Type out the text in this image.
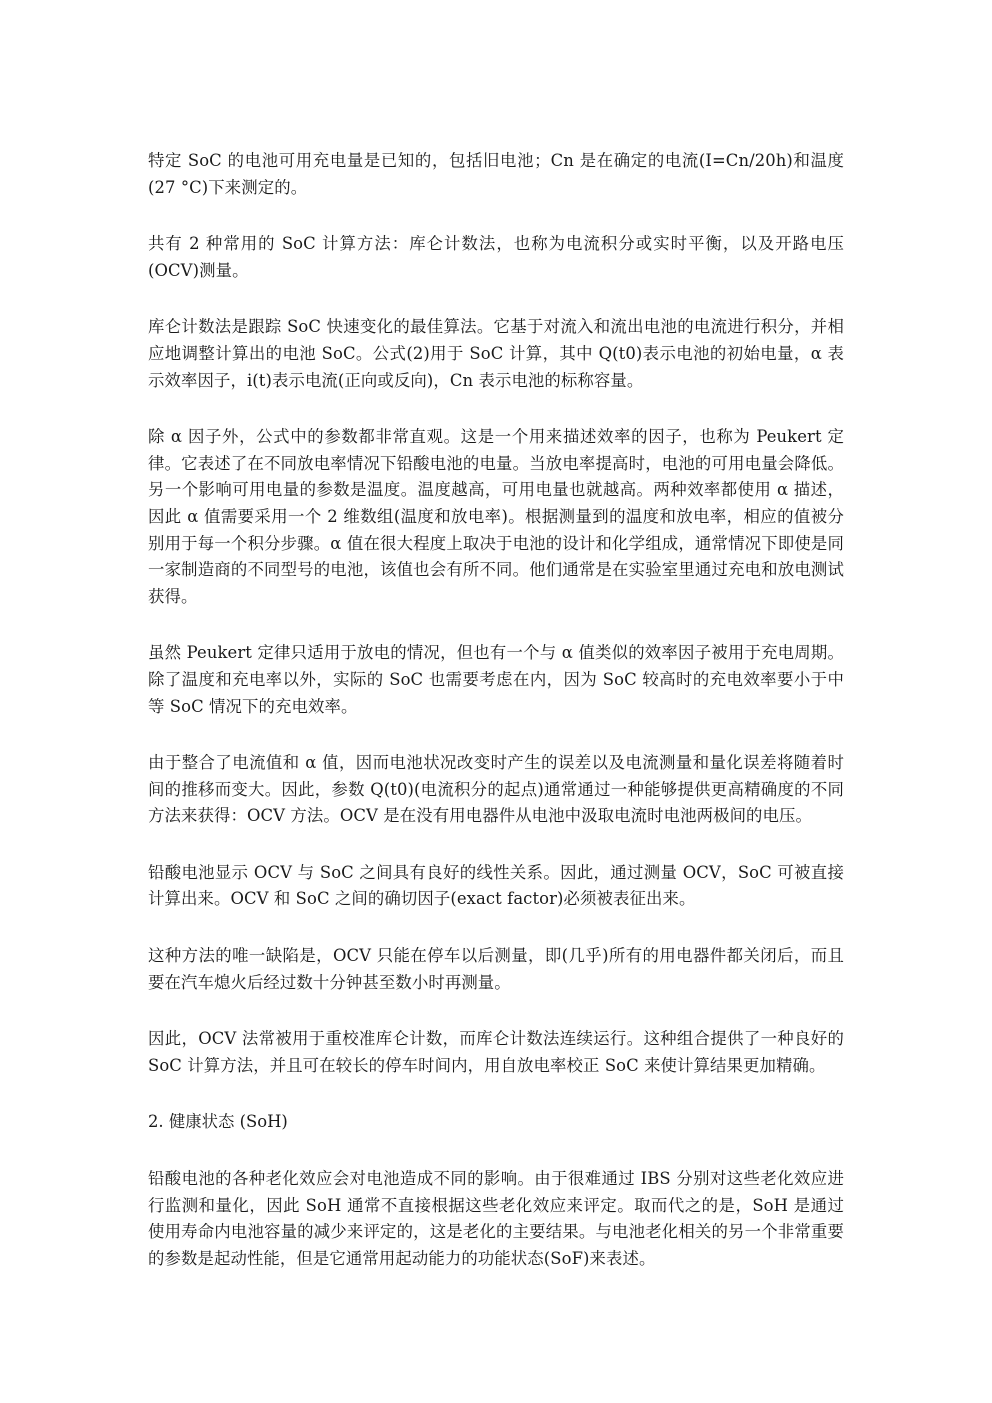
特定 SoC 的电池可用充电量是已知的，包括旧电池；Cn 是在确定的电流(I=Cn/20h)和温度(27 °C)下来测定的。

共有 2 种常用的 SoC 计算方法：库仑计数法，也称为电流积分或实时平衡，以及开路电压(OCV)测量。

库仑计数法是跟踪 SoC 快速变化的最佳算法。它基于对流入和流出电池的电流进行积分，并相应地调整计算出的电池 SoC。公式(2)用于 SoC 计算，其中 Q(t0)表示电池的初始电量，α 表示效率因子，i(t)表示电流(正向或反向)，Cn 表示电池的标称容量。

除 α 因子外，公式中的参数都非常直观。这是一个用来描述效率的因子，也称为 Peukert 定律。它表述了在不同放电率情况下铅酸电池的电量。当放电率提高时，电池的可用电量会降低。另一个影响可用电量的参数是温度。温度越高，可用电量也就越高。两种效率都使用 α 描述，因此 α 值需要采用一个 2 维数组(温度和放电率)。根据测量到的温度和放电率，相应的值被分别用于每一个积分步骤。α 值在很大程度上取决于电池的设计和化学组成，通常情况下即使是同一家制造商的不同型号的电池，该值也会有所不同。他们通常是在实验室里通过充电和放电测试获得。

虽然 Peukert 定律只适用于放电的情况，但也有一个与 α 值类似的效率因子被用于充电周期。除了温度和充电率以外，实际的 SoC 也需要考虑在内，因为 SoC 较高时的充电效率要小于中等 SoC 情况下的充电效率。

由于整合了电流值和 α 值，因而电池状况改变时产生的误差以及电流测量和量化误差将随着时间的推移而变大。因此，参数 Q(t0)(电流积分的起点)通常通过一种能够提供更高精确度的不同方法来获得：OCV 方法。OCV 是在没有用电器件从电池中汲取电流时电池两极间的电压。

铅酸电池显示 OCV 与 SoC 之间具有良好的线性关系。因此，通过测量 OCV，SoC 可被直接计算出来。OCV 和 SoC 之间的确切因子(exact factor)必须被表征出来。

这种方法的唯一缺陷是，OCV 只能在停车以后测量，即(几乎)所有的用电器件都关闭后，而且要在汽车熄火后经过数十分钟甚至数小时再测量。

因此，OCV 法常被用于重校准库仑计数，而库仑计数法连续运行。这种组合提供了一种良好的 SoC 计算方法，并且可在较长的停车时间内，用自放电率校正 SoC 来使计算结果更加精确。

2. 健康状态 (SoH)

铅酸电池的各种老化效应会对电池造成不同的影响。由于很难通过 IBS 分别对这些老化效应进行监测和量化，因此 SoH 通常不直接根据这些老化效应来评定。取而代之的是，SoH 是通过使用寿命内电池容量的减少来评定的，这是老化的主要结果。与电池老化相关的另一个非常重要的参数是起动性能，但是它通常用起动能力的功能状态(SoF)来表述。
